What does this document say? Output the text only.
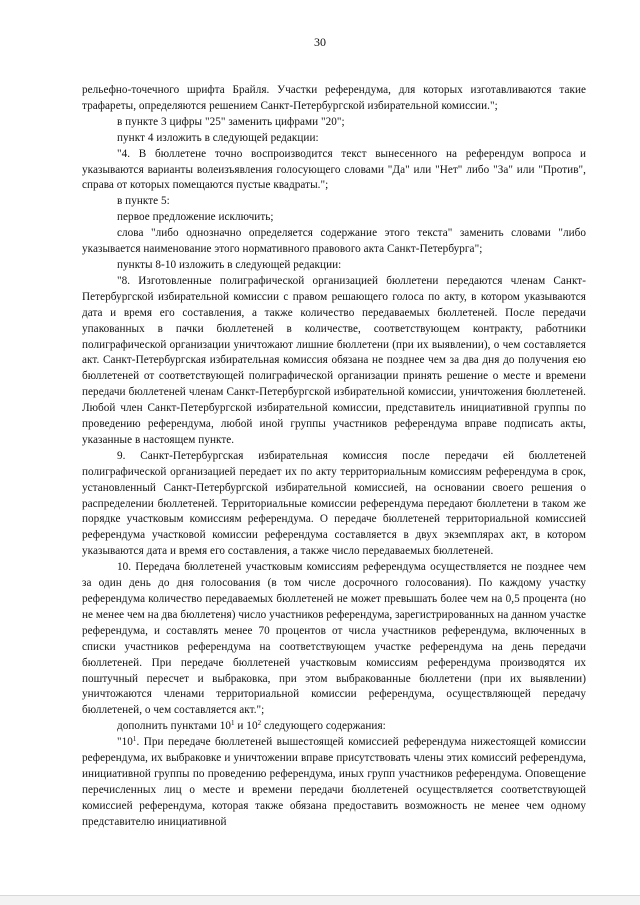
30

рельефно-точечного шрифта Брайля. Участки референдума, для которых изготавливаются такие трафареты, определяются решением Санкт-Петербургской избирательной комиссии.";

в пункте 3 цифры "25" заменить цифрами "20";

пункт 4 изложить в следующей редакции:

"4. В бюллетене точно воспроизводится текст вынесенного на референдум вопроса и указываются варианты волеизъявления голосующего словами "Да" или "Нет" либо "За" или "Против", справа от которых помещаются пустые квадраты.";

в пункте 5:

первое предложение исключить;

слова "либо однозначно определяется содержание этого текста" заменить словами "либо указывается наименование этого нормативного правового акта Санкт-Петербурга";

пункты 8-10 изложить в следующей редакции:

"8. Изготовленные полиграфической организацией бюллетени передаются членам Санкт-Петербургской избирательной комиссии с правом решающего голоса по акту, в котором указываются дата и время его составления, а также количество передаваемых бюллетеней. После передачи упакованных в пачки бюллетеней в количестве, соответствующем контракту, работники полиграфической организации уничтожают лишние бюллетени (при их выявлении), о чем составляется акт. Санкт-Петербургская избирательная комиссия обязана не позднее чем за два дня до получения ею бюллетеней от соответствующей полиграфической организации принять решение о месте и времени передачи бюллетеней членам Санкт-Петербургской избирательной комиссии, уничтожения бюллетеней. Любой член Санкт-Петербургской избирательной комиссии, представитель инициативной группы по проведению референдума, любой иной группы участников референдума вправе подписать акты, указанные в настоящем пункте.

9. Санкт-Петербургская избирательная комиссия после передачи ей бюллетеней полиграфической организацией передает их по акту территориальным комиссиям референдума в срок, установленный Санкт-Петербургской избирательной комиссией, на основании своего решения о распределении бюллетеней. Территориальные комиссии референдума передают бюллетени в таком же порядке участковым комиссиям референдума. О передаче бюллетеней территориальной комиссией референдума участковой комиссии референдума составляется в двух экземплярах акт, в котором указываются дата и время его составления, а также число передаваемых бюллетеней.

10. Передача бюллетеней участковым комиссиям референдума осуществляется не позднее чем за один день до дня голосования (в том числе досрочного голосования). По каждому участку референдума количество передаваемых бюллетеней не может превышать более чем на 0,5 процента (но не менее чем на два бюллетеня) число участников референдума, зарегистрированных на данном участке референдума, и составлять менее 70 процентов от числа участников референдума, включенных в списки участников референдума на соответствующем участке референдума на день передачи бюллетеней. При передаче бюллетеней участковым комиссиям референдума производятся их поштучный пересчет и выбраковка, при этом выбракованные бюллетени (при их выявлении) уничтожаются членами территориальной комиссии референдума, осуществляющей передачу бюллетеней, о чем составляется акт.";

дополнить пунктами $10^1$ и $10^2$ следующего содержания:

"$10^1$. При передаче бюллетеней вышестоящей комиссией референдума нижестоящей комиссии референдума, их выбраковке и уничтожении вправе присутствовать члены этих комиссий референдума, инициативной группы по проведению референдума, иных групп участников референдума. Оповещение перечисленных лиц о месте и времени передачи бюллетеней осуществляется соответствующей комиссией референдума, которая также обязана предоставить возможность не менее чем одному представителю инициативной
